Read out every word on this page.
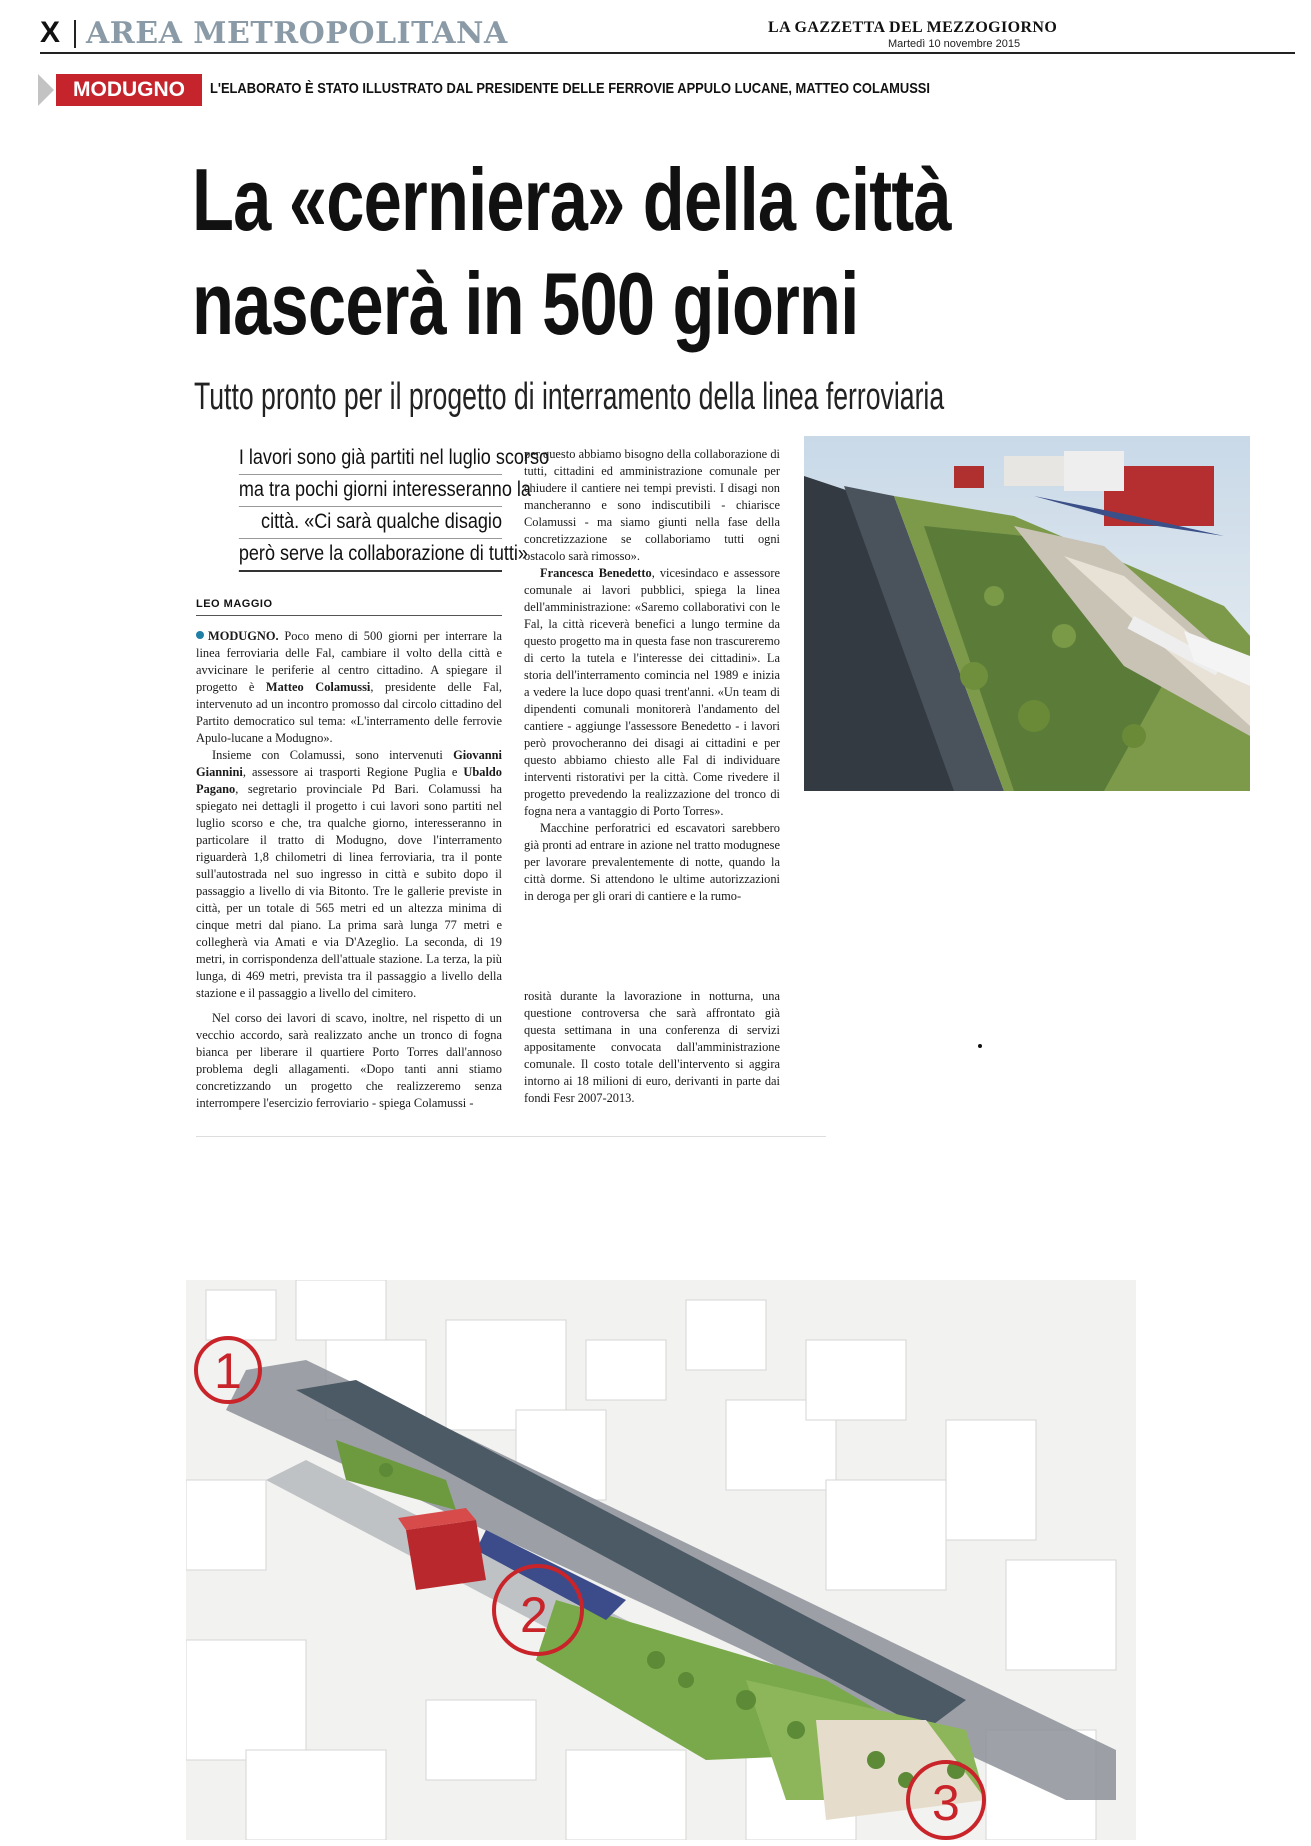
X AREA METROPOLITANA	LA GAZZETTA DEL MEZZOGIORNO
Martedì 10 novembre 2015
MODUGNO	L'ELABORATO È STATO ILLUSTRATO DAL PRESIDENTE DELLE FERROVIE APPULO LUCANE, MATTEO COLAMUSSI
La «cerniera» della città
nascerà in 500 giorni
Tutto pronto per il progetto di interramento della linea ferroviaria
I lavori sono già partiti nel luglio scorso
ma tra pochi giorni interesseranno la
città. «Ci sarà qualche disagio
però serve la collaborazione di tutti»
LEO MAGGIO

MODUGNO. Poco meno di 500 giorni per interrare la linea ferroviaria delle Fal, cambiare il volto della città e avvicinare le periferie al centro cittadino. A spiegare il progetto è Matteo Colamussi, presidente delle Fal, intervenuto ad un incontro promosso dal circolo cittadino del Partito democratico sul tema: «L'interramento delle ferrovie Apulo-lucane a Modugno».

Insieme con Colamussi, sono intervenuti Giovanni Giannini, assessore ai trasporti Regione Puglia e Ubaldo Pagano, segretario provinciale Pd Bari. Colamussi ha spiegato nei dettagli il progetto i cui lavori sono partiti nel luglio scorso e che, tra qualche giorno, interesseranno in particolare il tratto di Modugno, dove l'interramento riguarderà 1,8 chilometri di linea ferroviaria, tra il ponte sull'autostrada nel suo ingresso in città e subito dopo il passaggio a livello di via Bitonto. Tre le gallerie previste in città, per un totale di 565 metri ed un altezza minima di cinque metri dal piano. La prima sarà lunga 77 metri e collegherà via Amati e via D'Azeglio. La seconda, di 19 metri, in corrispondenza dell'attuale stazione. La terza, la più lunga, di 469 metri, prevista tra il passaggio a livello della stazione e il passaggio a livello del cimitero.

Nel corso dei lavori di scavo, inoltre, nel rispetto di un vecchio accordo, sarà realizzato anche un tronco di fogna bianca per liberare il quartiere Porto Torres dall'annoso problema degli allagamenti. «Dopo tanti anni stiamo concretizzando un progetto che realizzeremo senza interrompere l'esercizio ferroviario - spiega Colamussi -

per questo abbiamo bisogno della collaborazione di tutti, cittadini ed amministrazione comunale per chiudere il cantiere nei tempi previsti. I disagi non mancheranno e sono indiscutibili - chiarisce Colamussi - ma siamo giunti nella fase della concretizzazione se collaboriamo tutti ogni ostacolo sarà rimosso».

Francesca Benedetto, vicesindaco e assessore comunale ai lavori pubblici, spiega la linea dell'amministrazione: «Saremo collaborativi con le Fal, la città riceverà benefici a lungo termine da questo progetto ma in questa fase non trascureremo di certo la tutela e l'interesse dei cittadini». La storia dell'interramento comincia nel 1989 e inizia a vedere la luce dopo quasi trent'anni. «Un team di dipendenti comunali monitorerà l'andamento del cantiere - aggiunge l'assessore Benedetto - i lavori però provocheranno dei disagi ai cittadini e per questo abbiamo chiesto alle Fal di individuare interventi ristorativi per la città. Come rivedere il progetto prevedendo la realizzazione del tronco di fogna nera a vantaggio di Porto Torres».

Macchine perforatrici ed escavatori sarebbero già pronti ad entrare in azione nel tratto modugnese per lavorare prevalentemente di notte, quando la città dorme. Si attendono le ultime autorizzazioni in deroga per gli orari di cantiere e la rumo-

rosità durante la lavorazione in notturna, una questione controversa che sarà affrontato già questa settimana in una conferenza di servizi appositamente convocata dall'amministrazione comunale. Il costo totale dell'intervento si aggira intorno ai 18 milioni di euro, derivanti in parte dai fondi Fesr 2007-2013.

1
2
3
